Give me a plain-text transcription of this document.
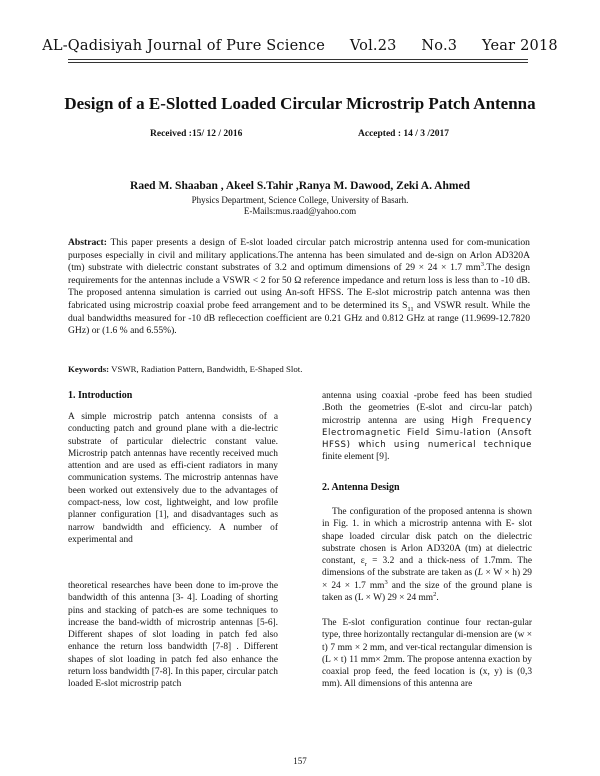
AL-Qadisiyah Journal of Pure Science Vol.23 No.3 Year 2018
Design of a E-Slotted Loaded Circular Microstrip Patch Antenna
Received :15/ 12 / 2016	Accepted : 14 / 3 /2017
Raed M. Shaaban , Akeel S.Tahir ,Ranya M. Dawood, Zeki A. Ahmed
Physics Department, Science College, University of Basarh.
E-Mails:mus.raad@yahoo.com
Abstract: This paper presents a design of E-slot loaded circular patch microstrip antenna used for com-munication purposes especially in civil and military applications.The antenna has been simulated and de-sign on Arlon AD320A (tm) substrate with dielectric constant substrates of 3.2 and optimum dimensions of 29 × 24 × 1.7 $mm^3.The$ design requirements for the antennas include a VSWR < 2 for 50 Ω reference impedance and return loss is less than to -10 dB. The proposed antenna simulation is carried out using An-soft HFSS. The E-slot microstrip patch antenna was then fabricated using microstrip coaxial probe feed arrangement and to be determined its $S_{11}$ and VSWR result. While the dual bandwidths measured for -10 dB reflecection coefficient are 0.21 GHz and 0.812 GHz at range (11.9699-12.7820 GHz) or (1.6 % and 6.55%).
Keywords: VSWR, Radiation Pattern, Bandwidth, E-Shaped Slot.
1. Introduction

A simple microstrip patch antenna consists of a conducting patch and ground plane with a die-lectric substrate of particular dielectric constant value. Microstrip patch antennas have recently received much attention and are used as effi-cient radiators in many communication systems. The microstrip antennas have been worked out extensively due to the advantages of compact-ness, low cost, lightweight, and low profile planner configuration [1], and disadvantages such as narrow bandwidth and efficiency. A number of experimental and

theoretical researches have been done to im-prove the bandwidth of this antenna [3- 4]. Loading of shorting pins and stacking of patch-es are some techniques to increase the band-width of microstrip antennas [5-6]. Different shapes of slot loading in patch fed also enhance the return loss bandwidth [7-8] . Different shapes of slot loading in patch fed also enhance the return loss bandwidth [7-8]. In this paper, circular patch loaded E-slot microstrip patch

antenna using coaxial -probe feed has been studied .Both the geometries (E-slot and circu-lar patch) microstrip antenna are using High Frequency Electromagnetic Field Simu-lation (Ansoft HFSS) which using numerical technique finite element [9].

2. Antenna Design

The configuration of the proposed antenna is shown in Fig. 1. in which a microstrip antenna with E- slot shape loaded circular disk patch on the dielectric substrate chosen is Arlon AD320A (tm) at dielectric constant, $\varepsilon_r = 3.2$ and a thick-ness of 1.7mm. The dimensions of the substrate are taken as (L × W × h) 29 × 24 × 1.7 $mm^3$ and the size of the ground plane is taken as (L × W) 29 × 24 $mm^2$.

The E-slot configuration continue four rectan-gular type, three horizontally rectangular di-mension are (w × t) 7 mm × 2 mm, and ver-tical rectangular dimension is (L × t) 11 mm× 2mm. The propose antenna exaction by coaxial prop feed, the feed location is (x, y) is (0,3 mm). All dimensions of this antenna are

157
